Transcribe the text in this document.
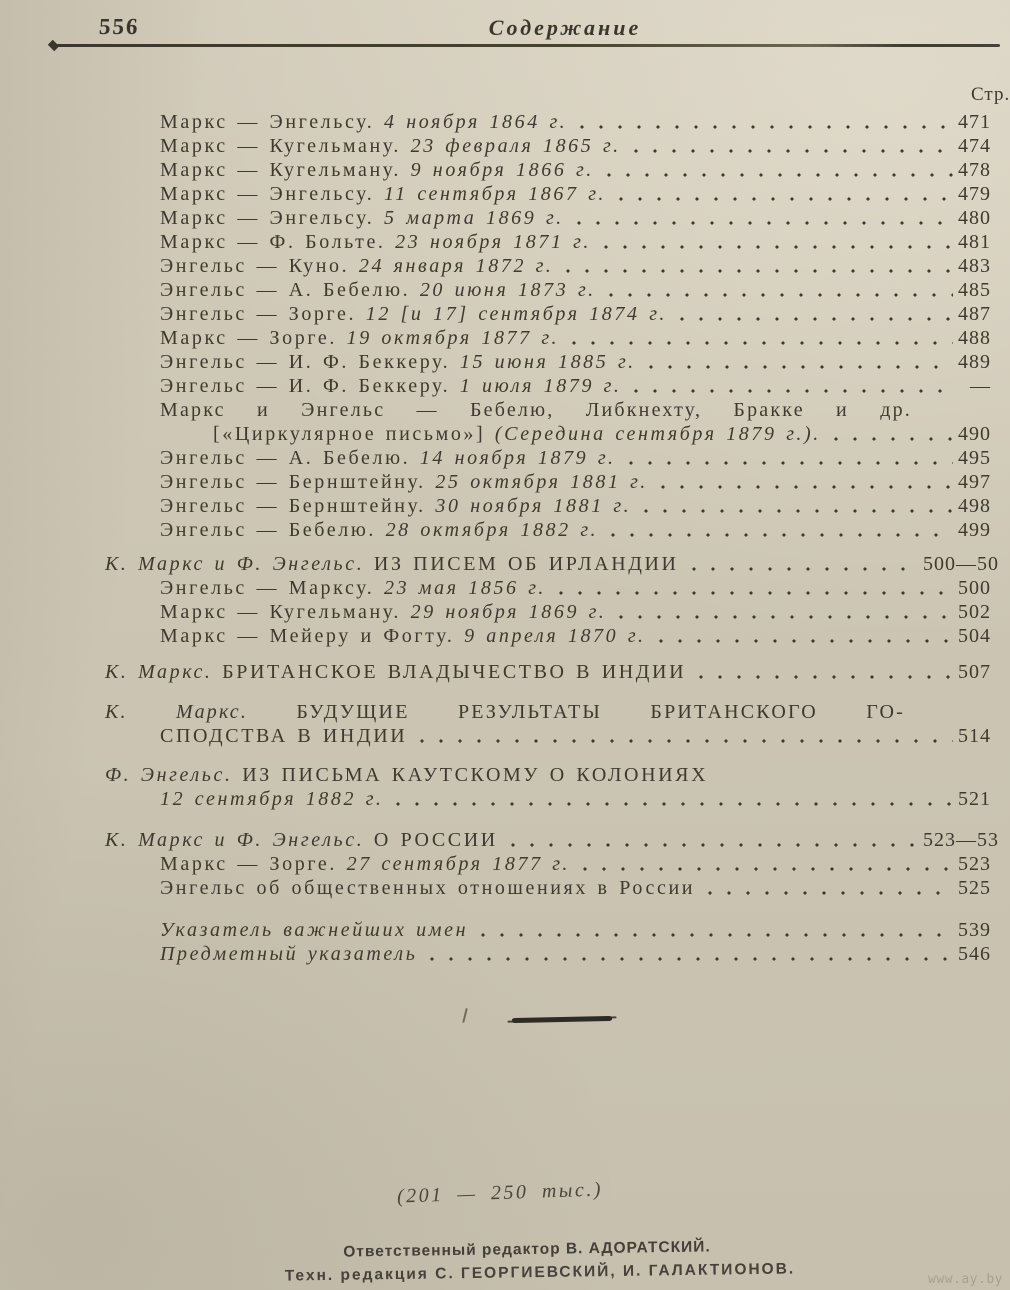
556	Содержание
Стр.
Маркс — Энгельсу. 4 ноября 1864 г.	471
Маркс — Кугельману. 23 февраля 1865 г.	474
Маркс — Кугельману. 9 ноября 1866 г.	478
Маркс — Энгельсу. 11 сентября 1867 г.	479
Маркс — Энгельсу. 5 марта 1869 г.	480
Маркс — Ф. Больте. 23 ноября 1871 г.	481
Энгельс — Куно. 24 января 1872 г.	483
Энгельс — А. Бебелю. 20 июня 1873 г.	485
Энгельс — Зорге. 12 [и 17] сентября 1874 г.	487
Маркс — Зорге. 19 октября 1877 г.	488
Энгельс — И. Ф. Беккеру. 15 июня 1885 г.	489
Энгельс — И. Ф. Беккеру. 1 июля 1879 г.	—
Маркс и Энгельс — Бебелю, Либкнехту, Бракке и др.
[«Циркулярное письмо»] (Середина сентября 1879 г.).	490
Энгельс — А. Бебелю. 14 ноября 1879 г.	495
Энгельс — Бернштейну. 25 октября 1881 г.	497
Энгельс — Бернштейну. 30 ноября 1881 г.	498
Энгельс — Бебелю. 28 октября 1882 г.	499
К. Маркс и Ф. Энгельс. ИЗ ПИСЕМ ОБ ИРЛАНДИИ	500—50
Энгельс — Марксу. 23 мая 1856 г.	500
Маркс — Кугельману. 29 ноября 1869 г.	502
Маркс — Мейеру и Фогту. 9 апреля 1870 г.	504
К. Маркс. БРИТАНСКОЕ ВЛАДЫЧЕСТВО В ИНДИИ	507
К. Маркс. БУДУЩИЕ РЕЗУЛЬТАТЫ БРИТАНСКОГО ГО-
СПОДСТВА В ИНДИИ	514
Ф. Энгельс. ИЗ ПИСЬМА КАУТСКОМУ О КОЛОНИЯХ
12 сентября 1882 г.	521
К. Маркс и Ф. Энгельс. О РОССИИ	523—53
Маркс — Зорге. 27 сентября 1877 г.	523
Энгельс об общественных отношениях в России	525
Указатель важнейших имен	539
Предметный указатель	546
(201 — 250 тыс.)
Ответственный редактор В. АДОРАТСКИЙ.
Техн. редакция С. ГЕОРГИЕВСКИЙ, И. ГАЛАКТИОНОВ.	www.ay.by
